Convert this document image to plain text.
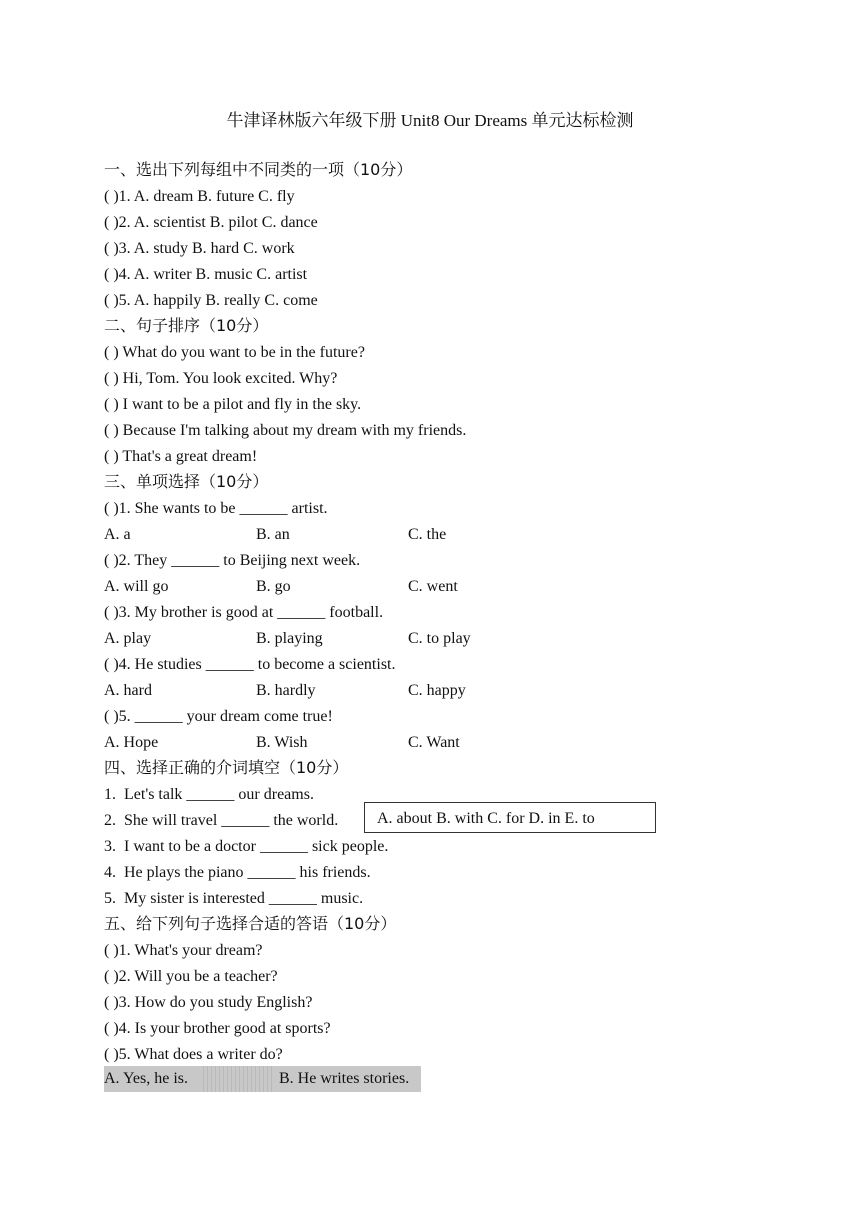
牛津译林版六年级下册 Unit8 Our Dreams 单元达标检测
一、选出下列每组中不同类的一项（10分）
( )1. A. dream B. future C. fly
( )2. A. scientist B. pilot C. dance
( )3. A. study B. hard C. work
( )4. A. writer B. music C. artist
( )5. A. happily B. really C. come
二、句子排序（10分）
( ) What do you want to be in the future?
( ) Hi, Tom. You look excited. Why?
( ) I want to be a pilot and fly in the sky.
( ) Because I'm talking about my dream with my friends.
( ) That's a great dream!
三、单项选择（10分）
( )1. She wants to be ______ artist.
A. a	B. an	C. the
( )2. They ______ to Beijing next week.
A. will go	B. go	C. went
( )3. My brother is good at ______ football.
A. play	B. playing	C. to play
( )4. He studies ______ to become a scientist.
A. hard	B. hardly	C. happy
( )5. ______ your dream come true!
A. Hope	B. Wish	C. Want
四、选择正确的介词填空（10分）
1. Let's talk ______ our dreams.
2. She will travel ______ the world.
3. I want to be a doctor ______ sick people.
4. He plays the piano ______ his friends.
5. My sister is interested ______ music.
A. about B. with C. for D. in E. to
五、给下列句子选择合适的答语（10分）
( )1. What's your dream?
( )2. Will you be a teacher?
( )3. How do you study English?
( )4. Is your brother good at sports?
( )5. What does a writer do?
A. Yes, he is.	B. He writes stories.
